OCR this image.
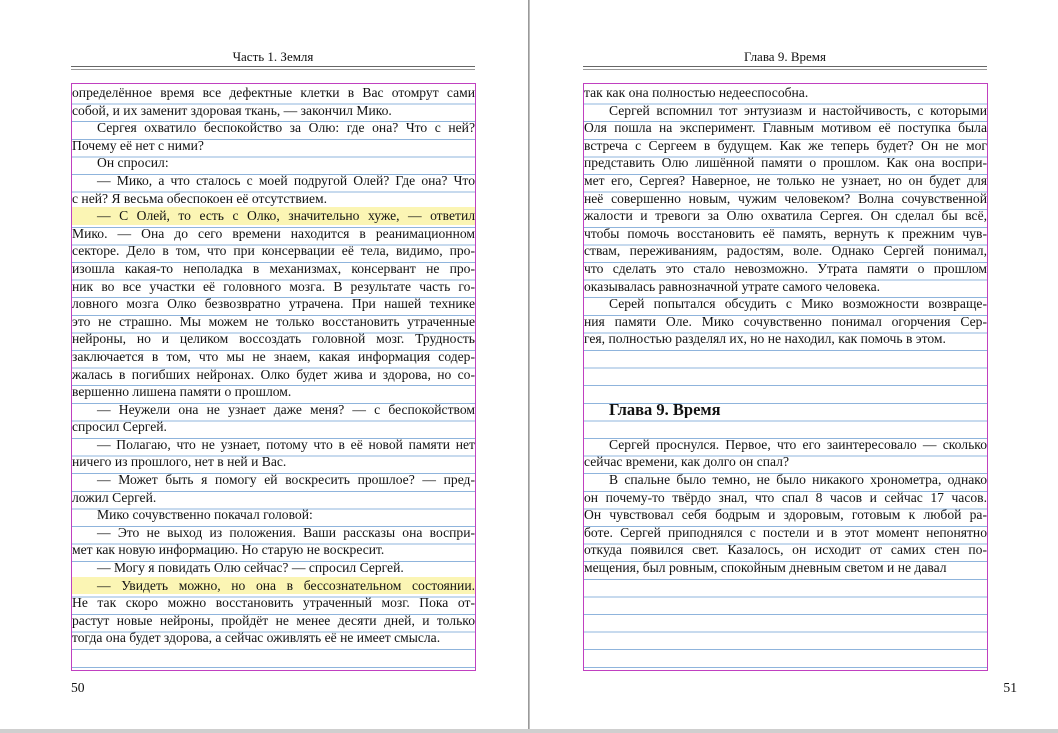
Часть 1. Земля
определённое время все дефектные клетки в Вас отомрут сами
собой, и их заменит здоровая ткань, — закончил Мико.
Сергея охватило беспокойство за Олю: где она? Что с ней?
Почему её нет с ними?
Он спросил:
— Мико, а что сталось с моей подругой Олей? Где она? Что
с ней? Я весьма обеспокоен её отсутствием.
— С Олей, то есть с Олко, значительно хуже, — ответил
Мико. — Она до сего времени находится в реанимационном
секторе. Дело в том, что при консервации её тела, видимо, про-
изошла какая-то неполадка в механизмах, консервант не про-
ник во все участки её головного мозга. В результате часть го-
ловного мозга Олко безвозвратно утрачена. При нашей технике
это не страшно. Мы можем не только восстановить утраченные
нейроны, но и целиком воссоздать головной мозг. Трудность
заключается в том, что мы не знаем, какая информация содер-
жалась в погибших нейронах. Олко будет жива и здорова, но со-
вершенно лишена памяти о прошлом.
— Неужели она не узнает даже меня? — с беспокойством
спросил Сергей.
— Полагаю, что не узнает, потому что в её новой памяти нет
ничего из прошлого, нет в ней и Вас.
— Может быть я помогу ей воскресить прошлое? — пред-
ложил Сергей.
Мико сочувственно покачал головой:
— Это не выход из положения. Ваши рассказы она воспри-
мет как новую информацию. Но старую не воскресит.
— Могу я повидать Олю сейчас? — спросил Сергей.
— Увидеть можно, но она в бессознательном состоянии.
Не так скоро можно восстановить утраченный мозг. Пока от-
растут новые нейроны, пройдёт не менее десяти дней, и только
тогда она будет здорова, а сейчас оживлять её не имеет смысла.
50
Глава 9. Время
так как она полностью недееспособна.
Сергей вспомнил тот энтузиазм и настойчивость, с которыми
Оля пошла на эксперимент. Главным мотивом её поступка была
встреча с Сергеем в будущем. Как же теперь будет? Он не мог
представить Олю лишённой памяти о прошлом. Как она воспри-
мет его, Сергея? Наверное, не только не узнает, но он будет для
неё совершенно новым, чужим человеком? Волна сочувственной
жалости и тревоги за Олю охватила Сергея. Он сделал бы всё,
чтобы помочь восстановить её память, вернуть к прежним чув-
ствам, переживаниям, радостям, воле. Однако Сергей понимал,
что сделать это стало невозможно. Утрата памяти о прошлом
оказывалась равнозначной утрате самого человека.
Серей попытался обсудить с Мико возможности возвраще-
ния памяти Оле. Мико сочувственно понимал огорчения Сер-
гея, полностью разделял их, но не находил, как помочь в этом.
Глава 9. Время
Сергей проснулся. Первое, что его заинтересовало — сколько
сейчас времени, как долго он спал?
В спальне было темно, не было никакого хронометра, однако
он почему-то твёрдо знал, что спал 8 часов и сейчас 17 часов.
Он чувствовал себя бодрым и здоровым, готовым к любой ра-
боте. Сергей приподнялся с постели и в этот момент непонятно
откуда появился свет. Казалось, он исходит от самих стен по-
мещения, был ровным, спокойным дневным светом и не давал
51
